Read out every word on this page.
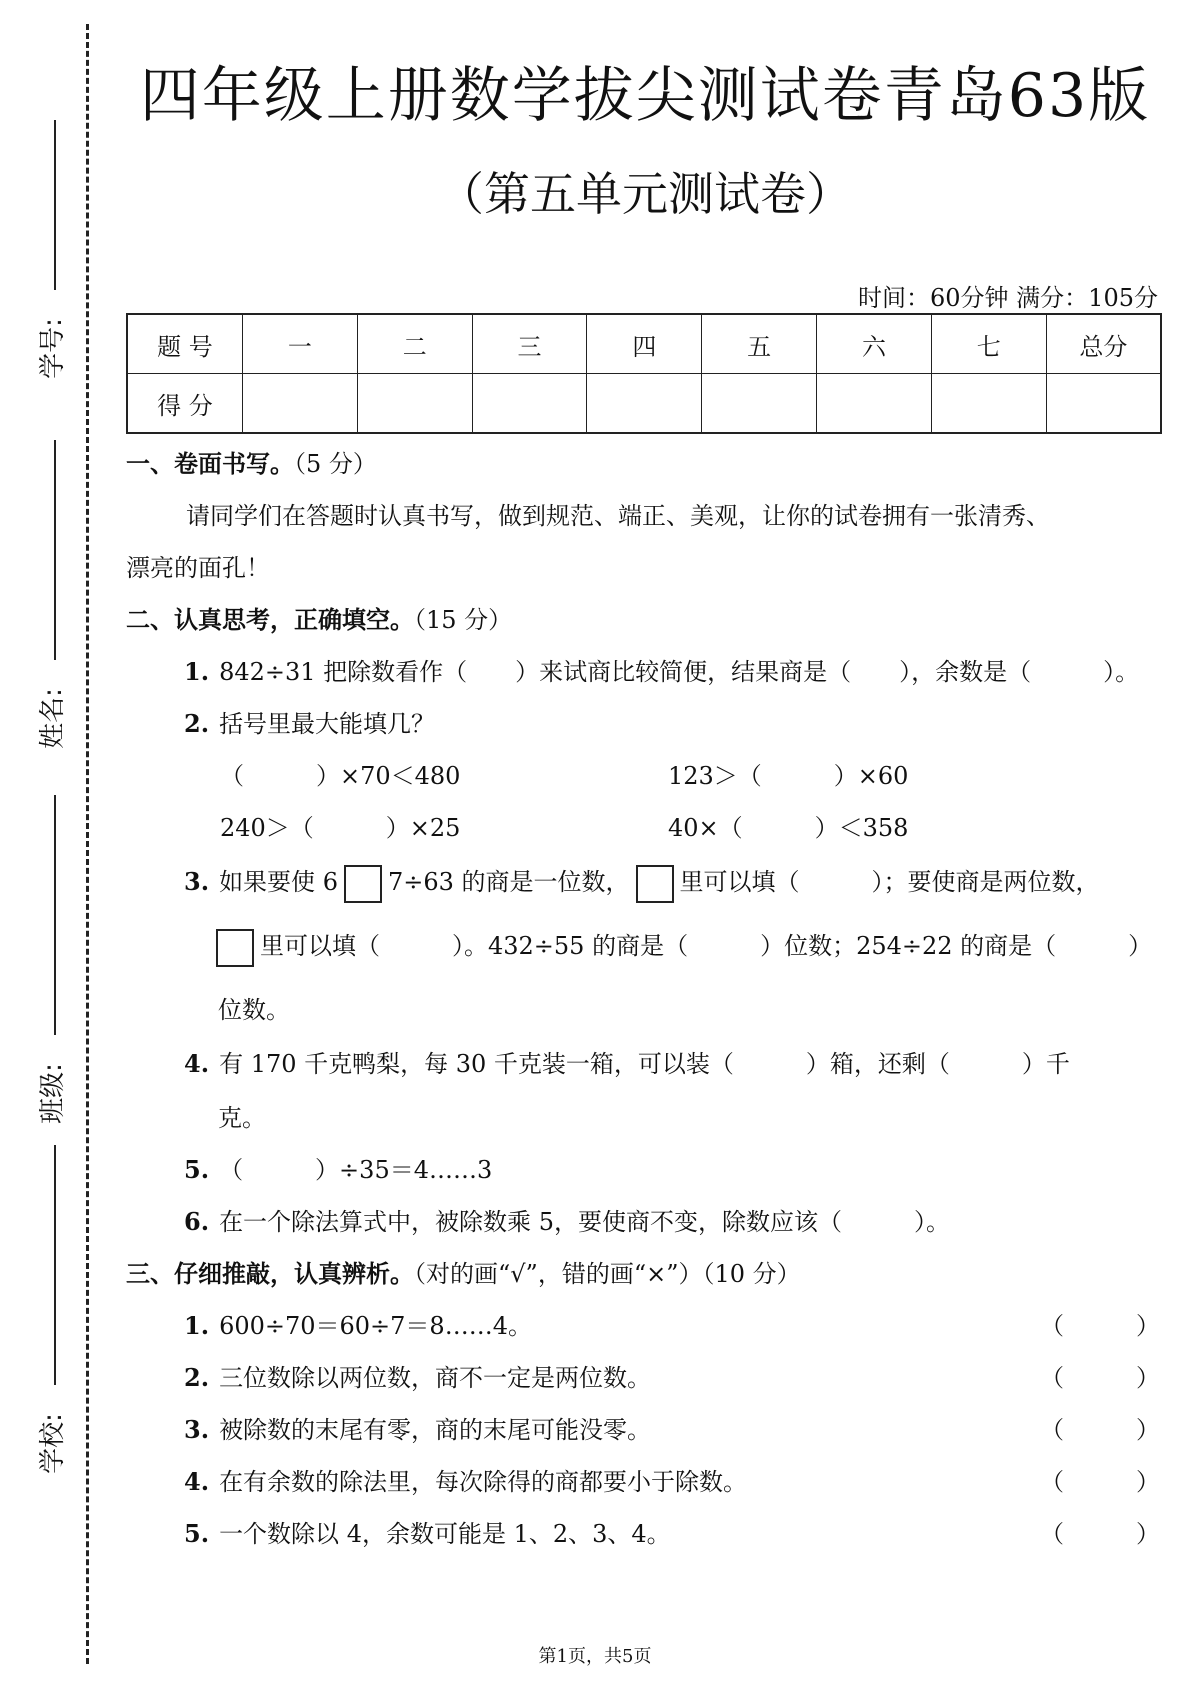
学号:
姓名:
班级:
学校:
四年级上册数学拔尖测试卷青岛63版
（第五单元测试卷）
时间：60分钟 满分：105分
题 号	一	二	三	四	五	六	七	总分
得 分								
一、卷面书写。（5 分）
请同学们在答题时认真书写，做到规范、端正、美观，让你的试卷拥有一张清秀、
漂亮的面孔！
二、认真思考，正确填空。（15 分）
1. 842÷31 把除数看作（　　）来试商比较简便，结果商是（　　），余数是（　　　）。
2. 括号里最大能填几？
（　　　）×70＜480	123＞（　　　）×60
240＞（　　　）×25	40×（　　　）＜358
3. 如果要使 6 7÷63 的商是一位数， 里可以填（　　　）；要使商是两位数，
里可以填（　　　）。432÷55 的商是（　　　）位数；254÷22 的商是（　　　）
位数。
4. 有 170 千克鸭梨，每 30 千克装一箱，可以装（　　　）箱，还剩（　　　）千
克。
5. （　　　）÷35＝4……3
6. 在一个除法算式中，被除数乘 5，要使商不变，除数应该（　　　）。
三、仔细推敲，认真辨析。（对的画“√”，错的画“×”）（10 分）
1. 600÷70＝60÷7＝8……4。	（　　　）
2. 三位数除以两位数，商不一定是两位数。	（　　　）
3. 被除数的末尾有零，商的末尾可能没零。	（　　　）
4. 在有余数的除法里，每次除得的商都要小于除数。	（　　　）
5. 一个数除以 4，余数可能是 1、2、3、4。	（　　　）
第1页，共5页
